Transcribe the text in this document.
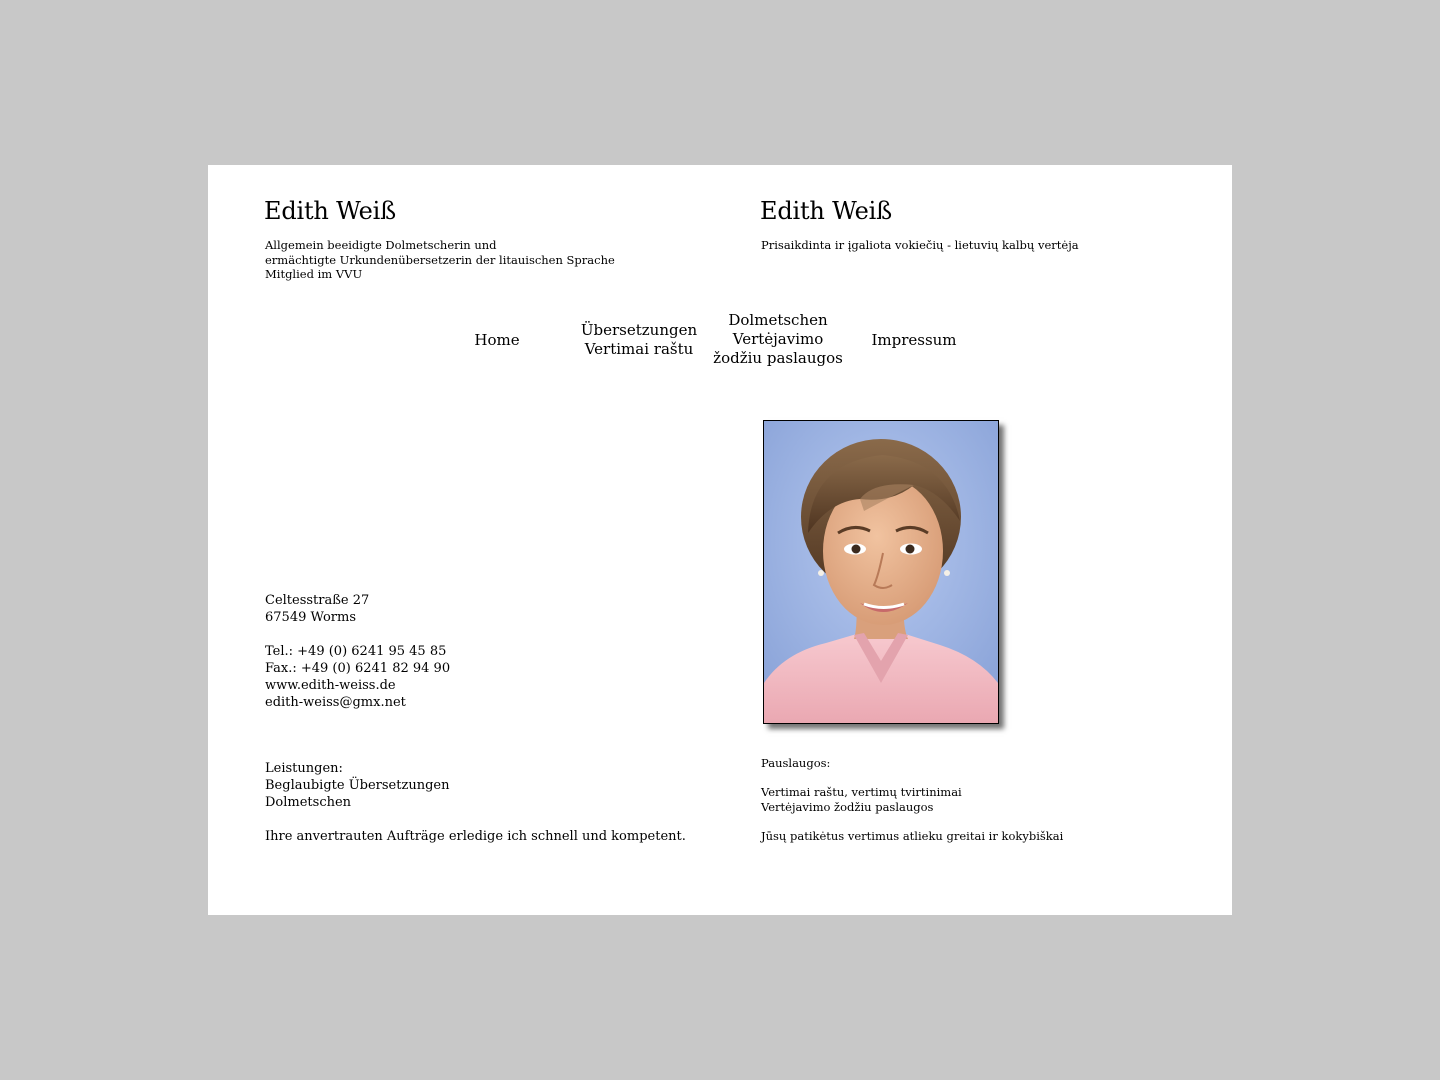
Edith Weiß
Allgemein beeidigte Dolmetscherin und
ermächtigte Urkundenübersetzerin der litauischen Sprache
Mitglied im VVU
Edith Weiß
Prisaikdinta ir įgaliota vokiečių - lietuvių kalbų vertėja
Home
Übersetzungen
Vertimai raštu
Dolmetschen
Vertėjavimo
žodžiu paslaugos
Impressum
Celtesstraße 27
67549 Worms
Tel.: +49 (0) 6241 95 45 85
Fax.: +49 (0) 6241 82 94 90
www.edith-weiss.de
edith-weiss@gmx.net
Leistungen:
Beglaubigte Übersetzungen
Dolmetschen
Ihre anvertrauten Aufträge erledige ich schnell und kompetent.
Pauslaugos:
Vertimai raštu, vertimų tvirtinimai
Vertėjavimo žodžiu paslaugos
Jūsų patikėtus vertimus atlieku greitai ir kokybiškai
